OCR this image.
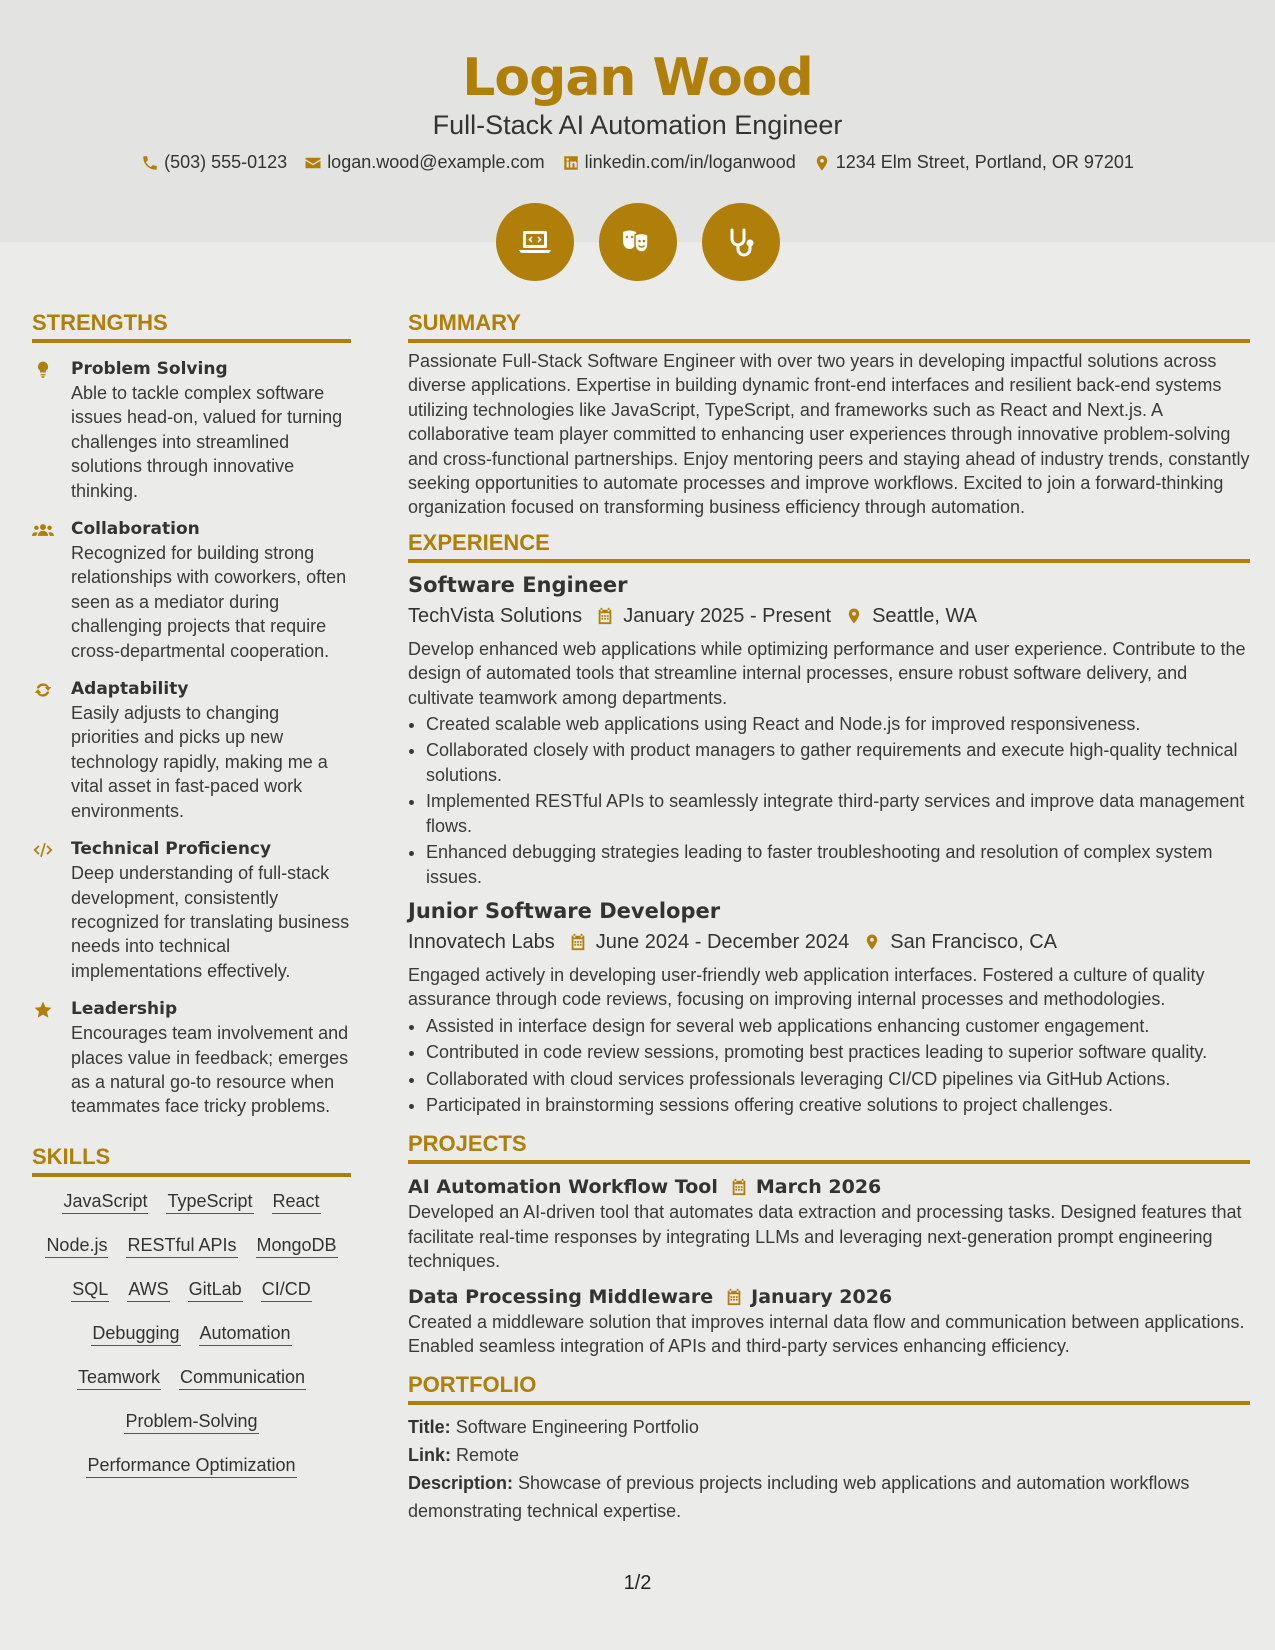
Logan Wood
Full-Stack AI Automation Engineer
(503) 555-0123 logan.wood@example.com linkedin.com/in/loganwood 1234 Elm Street, Portland, OR 97201
STRENGTHS
Problem Solving
Able to tackle complex software issues head-on, valued for turning challenges into streamlined solutions through innovative thinking.
Collaboration
Recognized for building strong relationships with coworkers, often seen as a mediator during challenging projects that require cross-departmental cooperation.
Adaptability
Easily adjusts to changing priorities and picks up new technology rapidly, making me a vital asset in fast-paced work environments.
Technical Proficiency
Deep understanding of full-stack development, consistently recognized for translating business needs into technical implementations effectively.
Leadership
Encourages team involvement and places value in feedback; emerges as a natural go-to resource when teammates face tricky problems.
SKILLS
JavaScript TypeScript React
Node.js RESTful APIs MongoDB
SQL AWS GitLab CI/CD
Debugging Automation
Teamwork Communication
Problem-Solving
Performance Optimization
SUMMARY

Passionate Full-Stack Software Engineer with over two years in developing impactful solutions across diverse applications. Expertise in building dynamic front-end interfaces and resilient back-end systems utilizing technologies like JavaScript, TypeScript, and frameworks such as React and Next.js. A collaborative team player committed to enhancing user experiences through innovative problem-solving and cross-functional partnerships. Enjoy mentoring peers and staying ahead of industry trends, constantly seeking opportunities to automate processes and improve workflows. Excited to join a forward-thinking organization focused on transforming business efficiency through automation.

EXPERIENCE
Software Engineer
TechVista Solutions January 2025 - Present Seattle, WA

Develop enhanced web applications while optimizing performance and user experience. Contribute to the design of automated tools that streamline internal processes, ensure robust software delivery, and cultivate teamwork among departments.

• Created scalable web applications using React and Node.js for improved responsiveness.
• Collaborated closely with product managers to gather requirements and execute high-quality technical solutions.
• Implemented RESTful APIs to seamlessly integrate third-party services and improve data management flows.
• Enhanced debugging strategies leading to faster troubleshooting and resolution of complex system issues.
Junior Software Developer
Innovatech Labs June 2024 - December 2024 San Francisco, CA

Engaged actively in developing user-friendly web application interfaces. Fostered a culture of quality assurance through code reviews, focusing on improving internal processes and methodologies.

• Assisted in interface design for several web applications enhancing customer engagement.
• Contributed in code review sessions, promoting best practices leading to superior software quality.
• Collaborated with cloud services professionals leveraging CI/CD pipelines via GitHub Actions.
• Participated in brainstorming sessions offering creative solutions to project challenges.
PROJECTS
AI Automation Workflow Tool March 2026

Developed an AI-driven tool that automates data extraction and processing tasks. Designed features that facilitate real-time responses by integrating LLMs and leveraging next-generation prompt engineering techniques.

Data Processing Middleware January 2026

Created a middleware solution that improves internal data flow and communication between applications. Enabled seamless integration of APIs and third-party services enhancing efficiency.

PORTFOLIO
Title: Software Engineering Portfolio
Link: Remote
Description: Showcase of previous projects including web applications and automation workflows demonstrating technical expertise.
1/2
